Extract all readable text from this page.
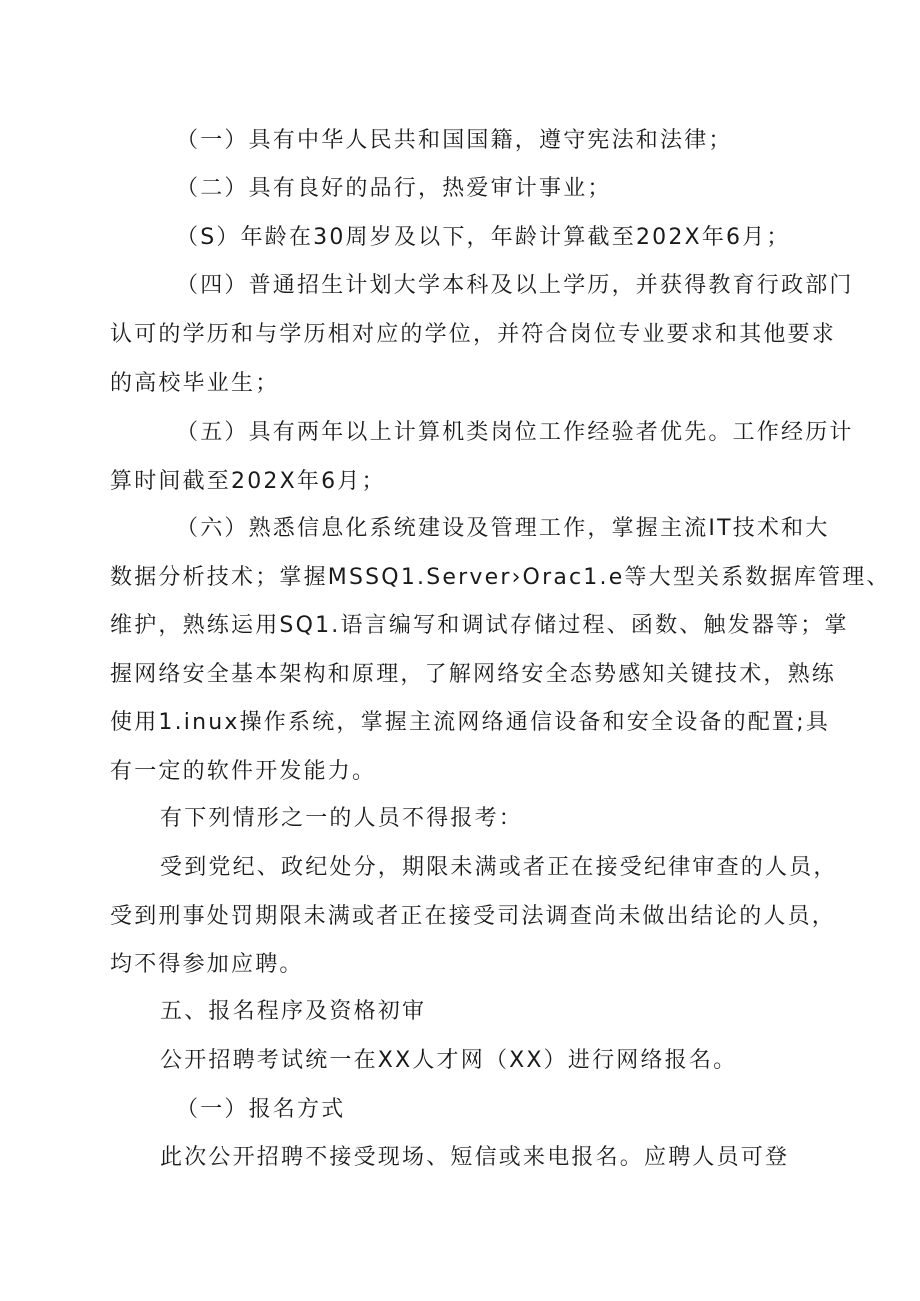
（一）具有中华人民共和国国籍，遵守宪法和法律；
（二）具有良好的品行，热爱审计事业；
（S）年龄在30周岁及以下，年龄计算截至202X年6月；
（四）普通招生计划大学本科及以上学历，并获得教育行政部门
认可的学历和与学历相对应的学位，并符合岗位专业要求和其他要求
的高校毕业生；
（五）具有两年以上计算机类岗位工作经验者优先。工作经历计
算时间截至202X年6月；
（六）熟悉信息化系统建设及管理工作，掌握主流IT技术和大
数据分析技术；掌握MSSQ1.Server›Orac1.e等大型关系数据库管理、
维护，熟练运用SQ1.语言编写和调试存储过程、函数、触发器等；掌
握网络安全基本架构和原理，了解网络安全态势感知关键技术，熟练
使用1.inux操作系统，掌握主流网络通信设备和安全设备的配置;具
有一定的软件开发能力。
有下列情形之一的人员不得报考：
受到党纪、政纪处分，期限未满或者正在接受纪律审查的人员，
受到刑事处罚期限未满或者正在接受司法调查尚未做出结论的人员，
均不得参加应聘。
五、报名程序及资格初审
公开招聘考试统一在XX人才网（XX）进行网络报名。
（一）报名方式
此次公开招聘不接受现场、短信或来电报名。应聘人员可登
